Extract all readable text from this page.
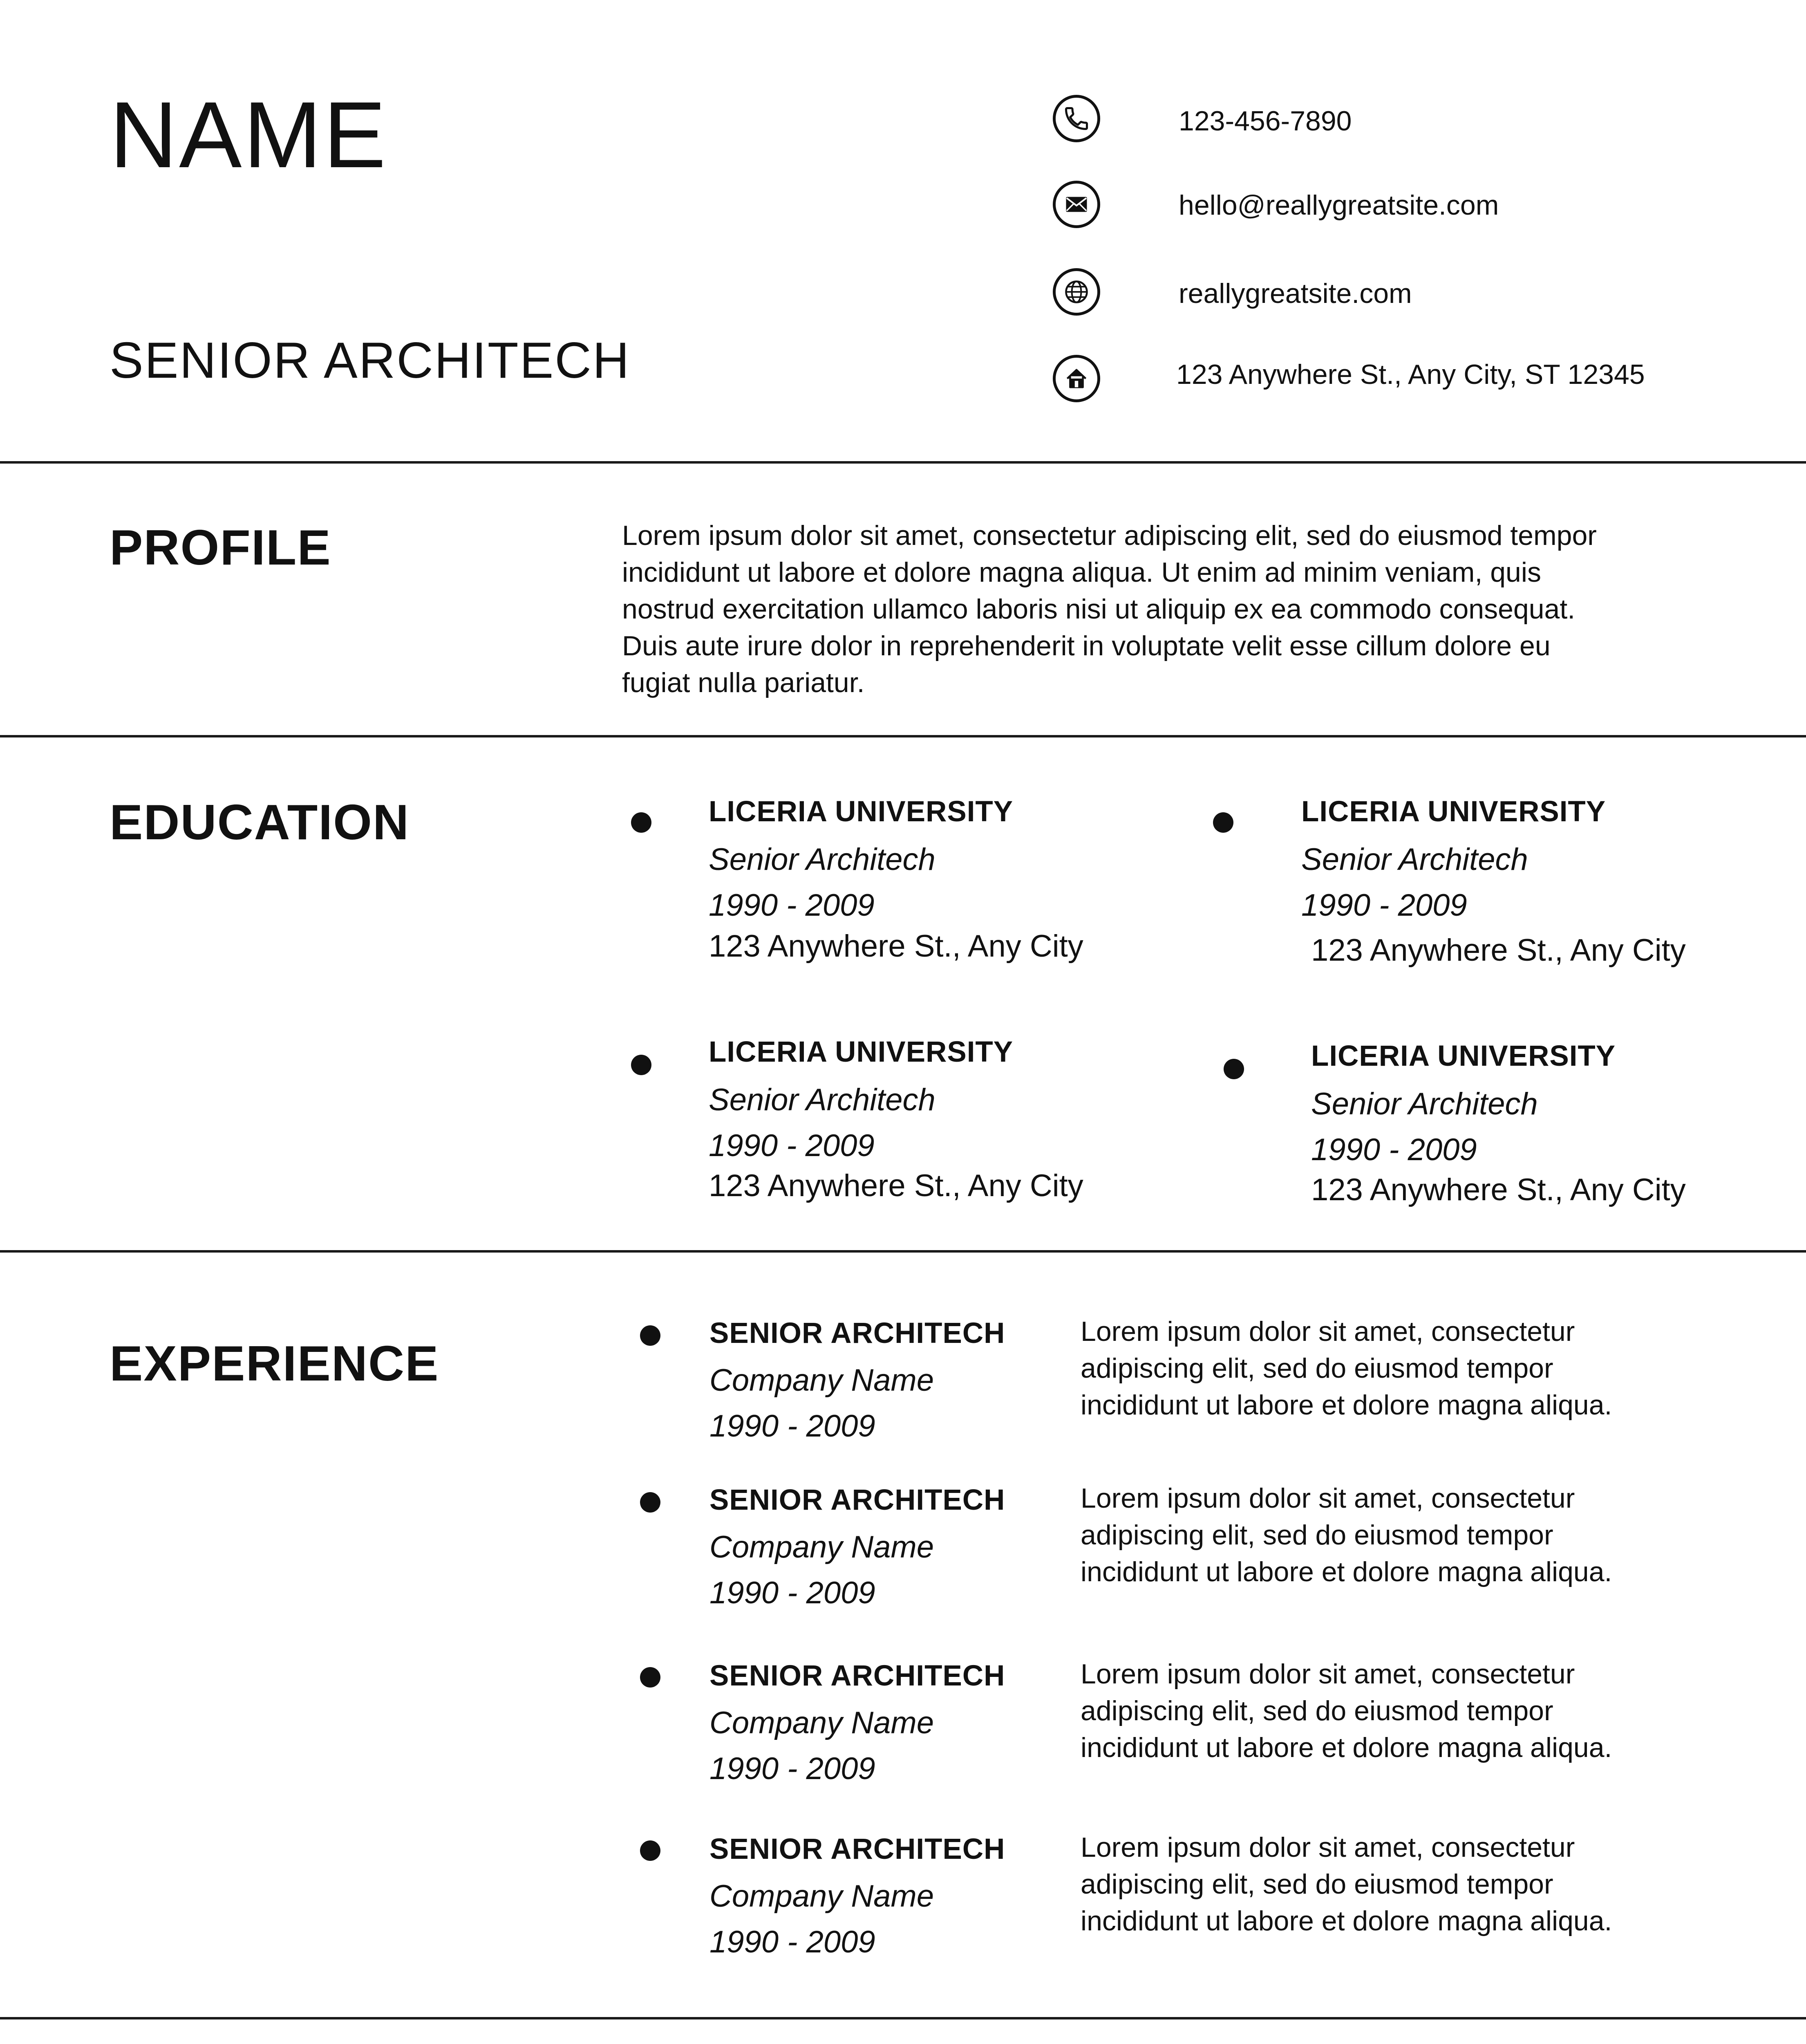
NAME
SENIOR ARCHITECH
123-456-7890
hello@reallygreatsite.com
reallygreatsite.com
123 Anywhere St., Any City, ST 12345
PROFILE	Lorem ipsum dolor sit amet, consectetur adipiscing elit, sed do eiusmod tempor
incididunt ut labore et dolore magna aliqua. Ut enim ad minim veniam, quis
nostrud exercitation ullamco laboris nisi ut aliquip ex ea commodo consequat.
Duis aute irure dolor in reprehenderit in voluptate velit esse cillum dolore eu
fugiat nulla pariatur.
EDUCATION	LICERIA UNIVERSITY
Senior Architech
1990 - 2009
123 Anywhere St., Any City
LICERIA UNIVERSITY
Senior Architech
1990 - 2009
123 Anywhere St., Any City
LICERIA UNIVERSITY
Senior Architech
1990 - 2009
123 Anywhere St., Any City
LICERIA UNIVERSITY
Senior Architech
1990 - 2009
123 Anywhere St., Any City
EXPERIENCE
SENIOR ARCHITECH
Company Name
1990 - 2009
Lorem ipsum dolor sit amet, consectetur
adipiscing elit, sed do eiusmod tempor
incididunt ut labore et dolore magna aliqua.
SENIOR ARCHITECH
Company Name
1990 - 2009
Lorem ipsum dolor sit amet, consectetur
adipiscing elit, sed do eiusmod tempor
incididunt ut labore et dolore magna aliqua.
SENIOR ARCHITECH
Company Name
1990 - 2009
Lorem ipsum dolor sit amet, consectetur
adipiscing elit, sed do eiusmod tempor
incididunt ut labore et dolore magna aliqua.
SENIOR ARCHITECH
Company Name
1990 - 2009
Lorem ipsum dolor sit amet, consectetur
adipiscing elit, sed do eiusmod tempor
incididunt ut labore et dolore magna aliqua.
